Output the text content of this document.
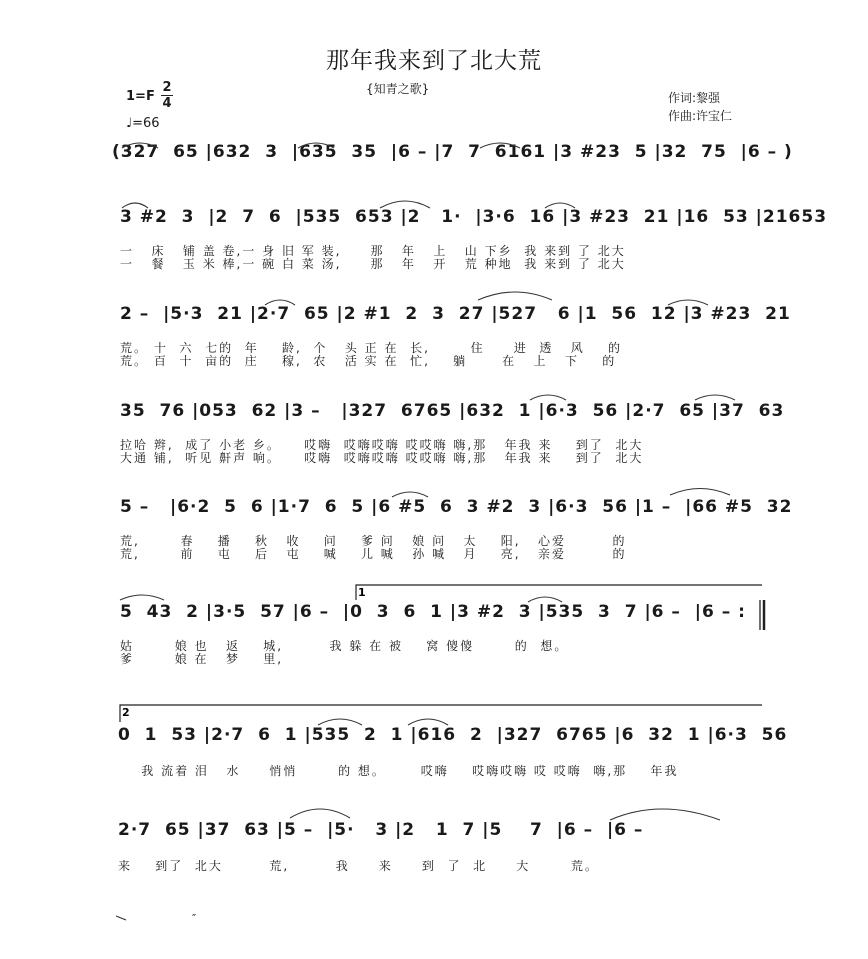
那年我来到了北大荒
{知青之歌}
1=F
2
4
♩=66
作词:黎强
作曲:许宝仁
(327  65 |632  3  |635  35  |6 – |7  7  6161 |3 #23  5 |32  75  |6 – )
3 #2  3  |2  7  6  |535  653 |2   1·  |3·6  16 |3 #23  21 |16  53 |21653
一   床   铺 盖 卷,一 身 旧 军 装,     那   年   上   山 下乡  我 来到 了 北大
一   餐   玉 米 棒,一 碗 白 菜 汤,     那   年   开   荒 种地  我 来到 了 北大
2 –  |5·3  21 |2·7  65 |2 #1  2  3  27 |527   6 |1  56  12 |3 #23  21
荒。 十  六  七的  年    龄,  个   头 正 在  长,       住     进  透   风    的
荒。 百  十  亩的  庄    稼,  农   活 实 在  忙,    躺      在   上   下    的
35  76 |053  62 |3 –   |327  6765 |632  1 |6·3  56 |2·7  65 |37  63
拉哈 辫,  成了 小老 乡。    哎嗨  哎嗨哎嗨 哎哎嗨 嗨,那   年我 来    到了  北大
大通 铺,  听见 鼾声 响。    哎嗨  哎嗨哎嗨 哎哎嗨 嗨,那   年我 来    到了  北大
5 –   |6·2  5  6 |1·7  6  5 |6 #5  6  3 #2  3 |6·3  56 |1 –  |66 #5  32
荒,       春    播    秋   收    问    爹 问   娘 问   太    阳,   心爱        的
荒,       前    屯    后   屯    喊    儿 喊   孙 喊   月    亮,   亲爱        的
5  43  2 |3·5  57 |6 –  |0  3  6  1 |3 #2  3 |535  3  7 |6 –  |6 – :
姑       娘 也   返    城,        我 躲 在 被    窝 傻傻       的  想。
爹       娘 在   梦    里,
0  1  53 |2·7  6  1 |535  2  1 |616  2  |327  6765 |6  32  1 |6·3  56
我 流着 泪   水     悄悄       的 想。      哎嗨    哎嗨哎嗨 哎 哎嗨  嗨,那    年我
2·7  65 |37  63 |5 –  |5·   3 |2   1  7 |5    7  |6 –  |6 –
来    到了  北大        荒,        我     来     到  了  北     大       荒。
1
2
″
